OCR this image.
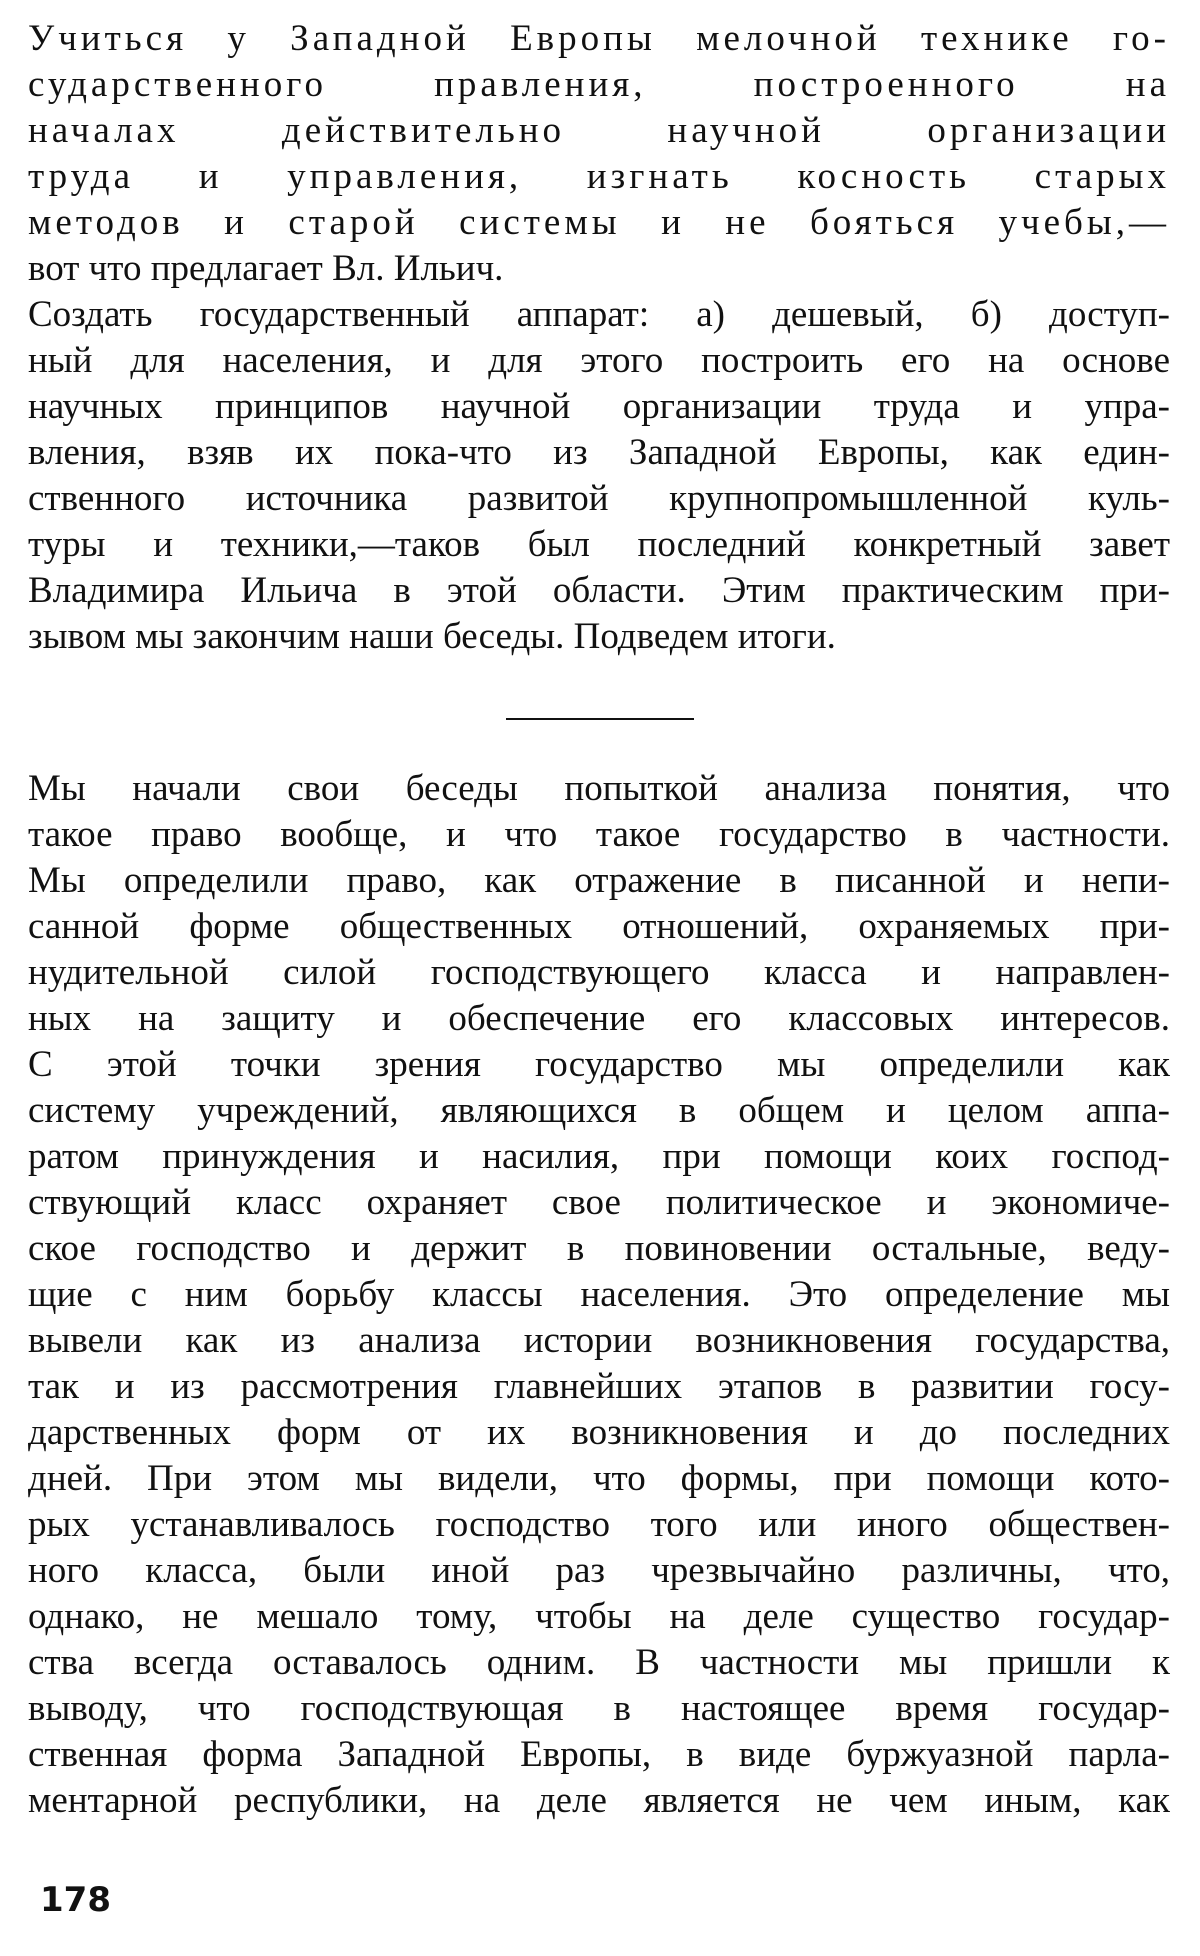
Учиться у Западной Европы мелочной технике го-
сударственного правления, построенного на
началах действительно научной организации
труда и управления, изгнать косность старых
методов и старой системы и не бояться учебы,—
вот что предлагает Вл. Ильич.
Создать государственный аппарат: а) дешевый, б) доступ-
ный для населения, и для этого построить его на основе
научных принципов научной организации труда и упра-
вления, взяв их пока-что из Западной Европы, как един-
ственного источника развитой крупнопромышленной куль-
туры и техники,—таков был последний конкретный завет
Владимира Ильича в этой области. Этим практическим при-
зывом мы закончим наши беседы. Подведем итоги.
Мы начали свои беседы попыткой анализа понятия, что
такое право вообще, и что такое государство в частности.
Мы определили право, как отражение в писанной и непи-
санной форме общественных отношений, охраняемых при-
нудительной силой господствующего класса и направлен-
ных на защиту и обеспечение его классовых интересов.
С этой точки зрения государство мы определили как
систему учреждений, являющихся в общем и целом аппа-
ратом принуждения и насилия, при помощи коих господ-
ствующий класс охраняет свое политическое и экономиче-
ское господство и держит в повиновении остальные, веду-
щие с ним борьбу классы населения. Это определение мы
вывели как из анализа истории возникновения государства,
так и из рассмотрения главнейших этапов в развитии госу-
дарственных форм от их возникновения и до последних
дней. При этом мы видели, что формы, при помощи кото-
рых устанавливалось господство того или иного обществен-
ного класса, были иной раз чрезвычайно различны, что,
однако, не мешало тому, чтобы на деле существо государ-
ства всегда оставалось одним. В частности мы пришли к
выводу, что господствующая в настоящее время государ-
ственная форма Западной Европы, в виде буржуазной парла-
ментарной республики, на деле является не чем иным, как
178
